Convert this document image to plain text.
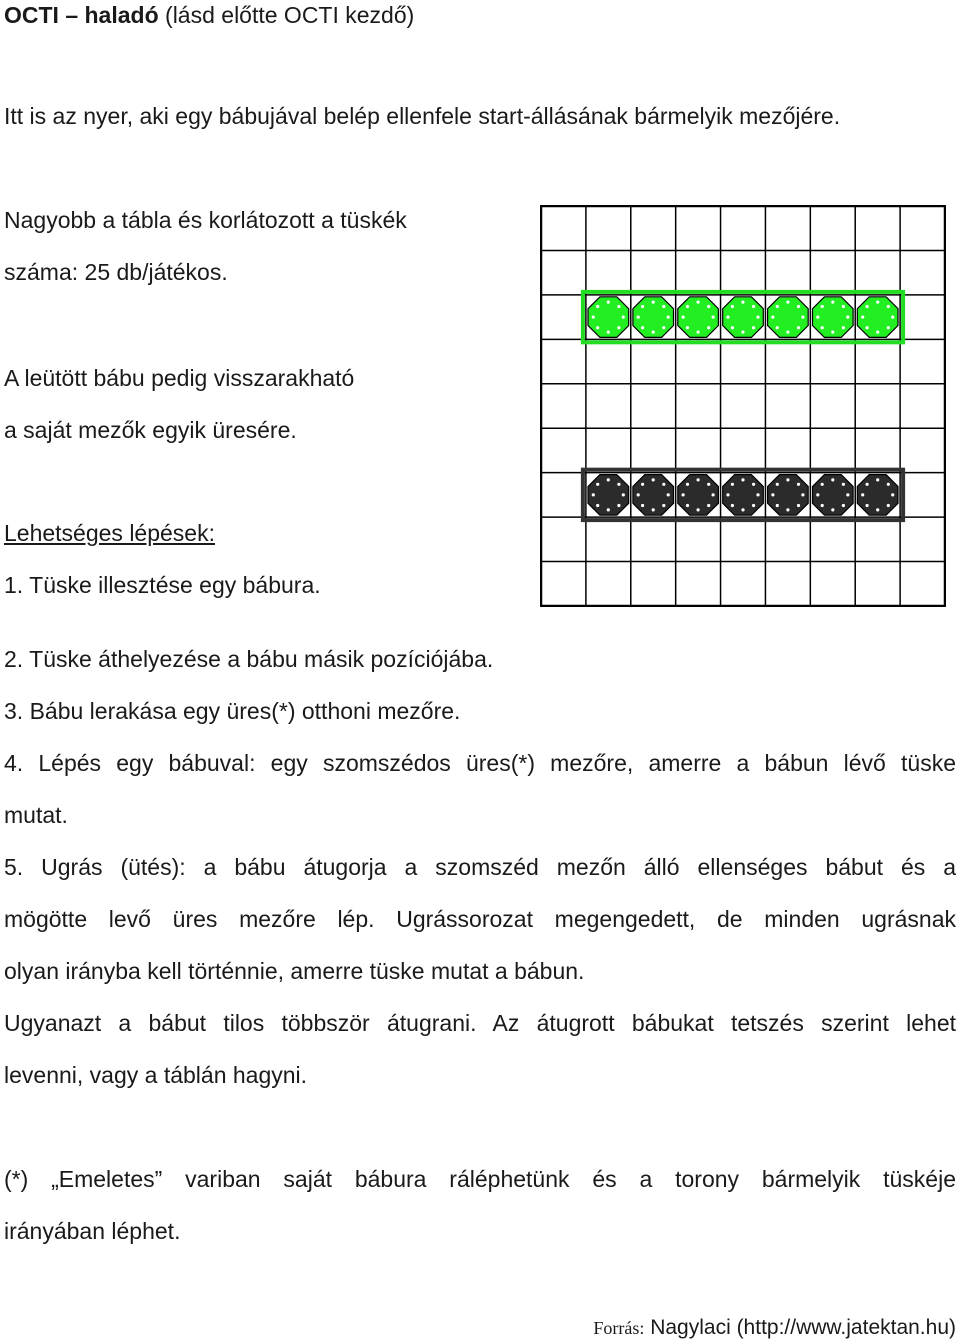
OCTI – haladó (lásd előtte OCTI kezdő)
Itt is az nyer, aki egy bábujával belép ellenfele start-állásának bármelyik mezőjére.
Nagyobb a tábla és korlátozott a tüskék
száma: 25 db/játékos.
A leütött bábu pedig visszarakható
a saját mezők egyik üresére.
Lehetséges lépések:
1. Tüske illesztése egy bábura.
2. Tüske áthelyezése a bábu másik pozíciójába.
3. Bábu lerakása egy üres(*) otthoni mezőre.
4. Lépés egy bábuval: egy szomszédos üres(*) mezőre, amerre a bábun lévő tüske
mutat.
5. Ugrás (ütés): a bábu átugorja a szomszéd mezőn álló ellenséges bábut és a
mögötte levő üres mezőre lép. Ugrássorozat megengedett, de minden ugrásnak
olyan irányba kell történnie, amerre tüske mutat a bábun.
Ugyanazt a bábut tilos többször átugrani. Az átugrott bábukat tetszés szerint lehet
levenni, vagy a táblán hagyni.
(*) „Emeletes” variban saját bábura ráléphetünk és a torony bármelyik tüskéje
irányában léphet.
Forrás: Nagylaci (http://www.jatektan.hu)
